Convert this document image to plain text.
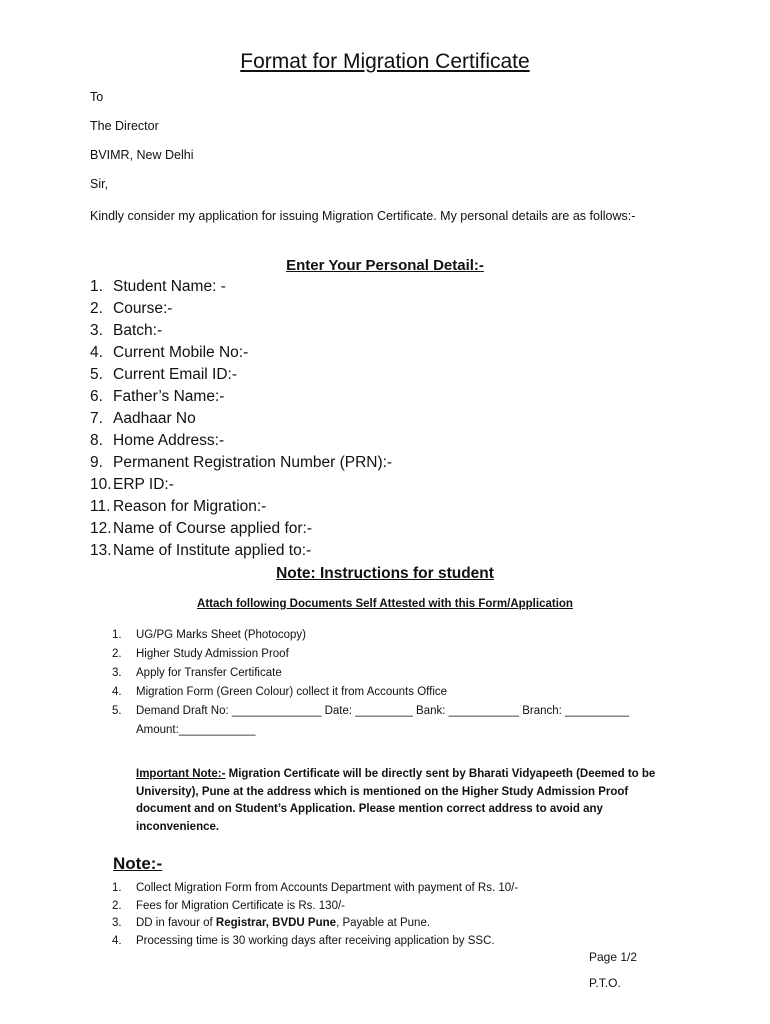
Format for Migration Certificate
To
The Director
BVIMR, New Delhi
Sir,
Kindly consider my application for issuing Migration Certificate. My personal details are as follows:-
Enter Your Personal Detail:-
1. Student Name: -
2. Course:-
3. Batch:-
4. Current Mobile No:-
5. Current Email ID:-
6. Father’s Name:-
7. Aadhaar No
8. Home Address:-
9. Permanent Registration Number (PRN):-
10. ERP ID:-
11. Reason for Migration:-
12. Name of Course applied for:-
13. Name of Institute applied to:-
Note: Instructions for student
Attach following Documents Self Attested with this Form/Application
1. UG/PG Marks Sheet (Photocopy)
2. Higher Study Admission Proof
3. Apply for Transfer Certificate
4. Migration Form (Green Colour) collect it from Accounts Office
5. Demand Draft No: ______________ Date: _________ Bank: ___________ Branch: __________
Amount:____________
Important Note:- Migration Certificate will be directly sent by Bharati Vidyapeeth (Deemed to be University), Pune at the address which is mentioned on the Higher Study Admission Proof document and on Student’s Application. Please mention correct address to avoid any inconvenience.
Note:-
1. Collect Migration Form from Accounts Department with payment of Rs. 10/-
2. Fees for Migration Certificate is Rs. 130/-
3. DD in favour of Registrar, BVDU Pune, Payable at Pune.
4. Processing time is 30 working days after receiving application by SSC.
Page 1/2
P.T.O.
